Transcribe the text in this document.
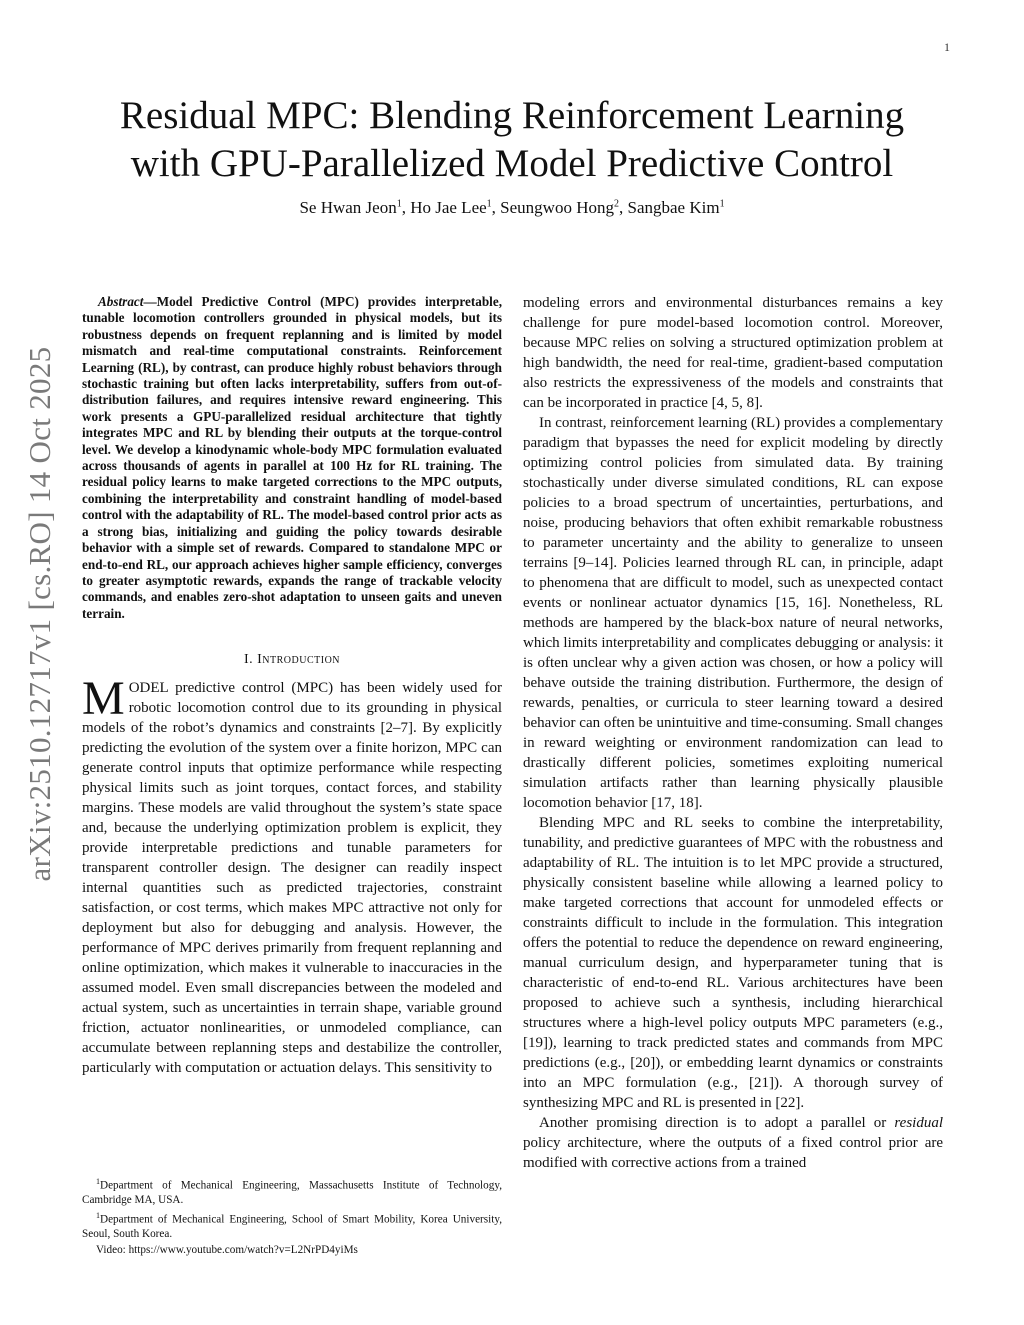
1
arXiv:2510.12717v1 [cs.RO] 14 Oct 2025
Residual MPC: Blending Reinforcement Learning
with GPU-Parallelized Model Predictive Control
Se Hwan Jeon$^1$, Ho Jae Lee$^1$, Seungwoo Hong$^2$, Sangbae Kim$^1$

Abstract—Model Predictive Control (MPC) provides interpretable, tunable locomotion controllers grounded in physical models, but its robustness depends on frequent replanning and is limited by model mismatch and real-time computational constraints. Reinforcement Learning (RL), by contrast, can produce highly robust behaviors through stochastic training but often lacks interpretability, suffers from out-of-distribution failures, and requires intensive reward engineering. This work presents a GPU-parallelized residual architecture that tightly integrates MPC and RL by blending their outputs at the torque-control level. We develop a kinodynamic whole-body MPC formulation evaluated across thousands of agents in parallel at 100 Hz for RL training. The residual policy learns to make targeted corrections to the MPC outputs, combining the interpretability and constraint handling of model-based control with the adaptability of RL. The model-based control prior acts as a strong bias, initializing and guiding the policy towards desirable behavior with a simple set of rewards. Compared to standalone MPC or end-to-end RL, our approach achieves higher sample efficiency, converges to greater asymptotic rewards, expands the range of trackable velocity commands, and enables zero-shot adaptation to unseen gaits and uneven terrain.

I. Introduction

MODEL predictive control (MPC) has been widely used for robotic locomotion control due to its grounding in physical models of the robot’s dynamics and constraints [2–7]. By explicitly predicting the evolution of the system over a finite horizon, MPC can generate control inputs that optimize performance while respecting physical limits such as joint torques, contact forces, and stability margins. These models are valid throughout the system’s state space and, because the underlying optimization problem is explicit, they provide interpretable predictions and tunable parameters for transparent controller design. The designer can readily inspect internal quantities such as predicted trajectories, constraint satisfaction, or cost terms, which makes MPC attractive not only for deployment but also for debugging and analysis. However, the performance of MPC derives primarily from frequent replanning and online optimization, which makes it vulnerable to inaccuracies in the assumed model. Even small discrepancies between the modeled and actual system, such as uncertainties in terrain shape, variable ground friction, actuator nonlinearities, or unmodeled compliance, can accumulate between replanning steps and destabilize the controller, particularly with computation or actuation delays. This sensitivity to

modeling errors and environmental disturbances remains a key challenge for pure model-based locomotion control. Moreover, because MPC relies on solving a structured optimization problem at high bandwidth, the need for real-time, gradient-based computation also restricts the expressiveness of the models and constraints that can be incorporated in practice [4, 5, 8].

In contrast, reinforcement learning (RL) provides a complementary paradigm that bypasses the need for explicit modeling by directly optimizing control policies from simulated data. By training stochastically under diverse simulated conditions, RL can expose policies to a broad spectrum of uncertainties, perturbations, and noise, producing behaviors that often exhibit remarkable robustness to parameter uncertainty and the ability to generalize to unseen terrains [9–14]. Policies learned through RL can, in principle, adapt to phenomena that are difficult to model, such as unexpected contact events or nonlinear actuator dynamics [15, 16]. Nonetheless, RL methods are hampered by the black-box nature of neural networks, which limits interpretability and complicates debugging or analysis: it is often unclear why a given action was chosen, or how a policy will behave outside the training distribution. Furthermore, the design of rewards, penalties, or curricula to steer learning toward a desired behavior can often be unintuitive and time-consuming. Small changes in reward weighting or environment randomization can lead to drastically different policies, sometimes exploiting numerical simulation artifacts rather than learning physically plausible locomotion behavior [17, 18].

Blending MPC and RL seeks to combine the interpretability, tunability, and predictive guarantees of MPC with the robustness and adaptability of RL. The intuition is to let MPC provide a structured, physically consistent baseline while allowing a learned policy to make targeted corrections that account for unmodeled effects or constraints difficult to include in the formulation. This integration offers the potential to reduce the dependence on reward engineering, manual curriculum design, and hyperparameter tuning that is characteristic of end-to-end RL. Various architectures have been proposed to achieve such a synthesis, including hierarchical structures where a high-level policy outputs MPC parameters (e.g., [19]), learning to track predicted states and commands from MPC predictions (e.g., [20]), or embedding learnt dynamics or constraints into an MPC formulation (e.g., [21]). A thorough survey of synthesizing MPC and RL is presented in [22].

Another promising direction is to adopt a parallel or residual policy architecture, where the outputs of a fixed control prior are modified with corrective actions from a trained

$^1$Department of Mechanical Engineering, Massachusetts Institute of Technology, Cambridge MA, USA.

$^1$Department of Mechanical Engineering, School of Smart Mobility, Korea University, Seoul, South Korea.

Video: https://www.youtube.com/watch?v=L2NrPD4yiMs
